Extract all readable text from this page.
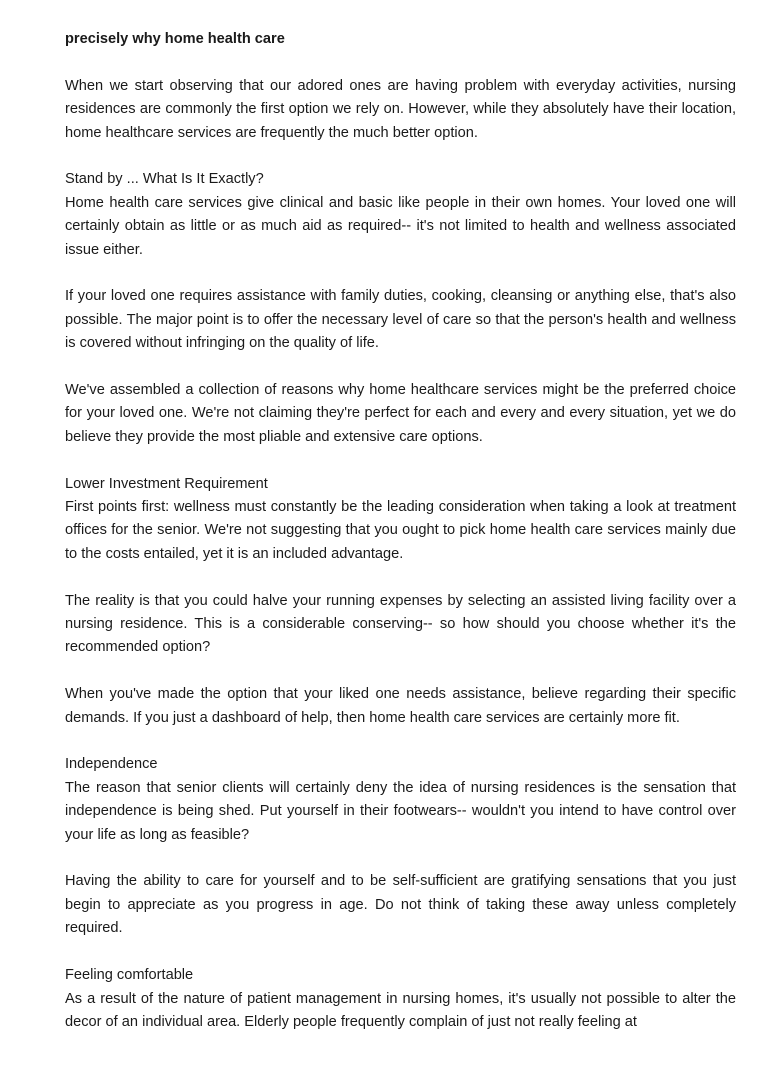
precisely why home health care
When we start observing that our adored ones are having problem with everyday activities, nursing residences are commonly the first option we rely on. However, while they absolutely have their location, home healthcare services are frequently the much better option.
Stand by ... What Is It Exactly?
Home health care services give clinical and basic like people in their own homes. Your loved one will certainly obtain as little or as much aid as required-- it's not limited to health and wellness associated issue either.
If your loved one requires assistance with family duties, cooking, cleansing or anything else, that's also possible. The major point is to offer the necessary level of care so that the person's health and wellness is covered without infringing on the quality of life.
We've assembled a collection of reasons why home healthcare services might be the preferred choice for your loved one. We're not claiming they're perfect for each and every and every situation, yet we do believe they provide the most pliable and extensive care options.
Lower Investment Requirement
First points first: wellness must constantly be the leading consideration when taking a look at treatment offices for the senior. We're not suggesting that you ought to pick home health care services mainly due to the costs entailed, yet it is an included advantage.
The reality is that you could halve your running expenses by selecting an assisted living facility over a nursing residence. This is a considerable conserving-- so how should you choose whether it's the recommended option?
When you've made the option that your liked one needs assistance, believe regarding their specific demands. If you just a dashboard of help, then home health care services are certainly more fit.
Independence
The reason that senior clients will certainly deny the idea of nursing residences is the sensation that independence is being shed. Put yourself in their footwears-- wouldn't you intend to have control over your life as long as feasible?
Having the ability to care for yourself and to be self-sufficient are gratifying sensations that you just begin to appreciate as you progress in age. Do not think of taking these away unless completely required.
Feeling comfortable
As a result of the nature of patient management in nursing homes, it's usually not possible to alter the decor of an individual area. Elderly people frequently complain of just not really feeling at
